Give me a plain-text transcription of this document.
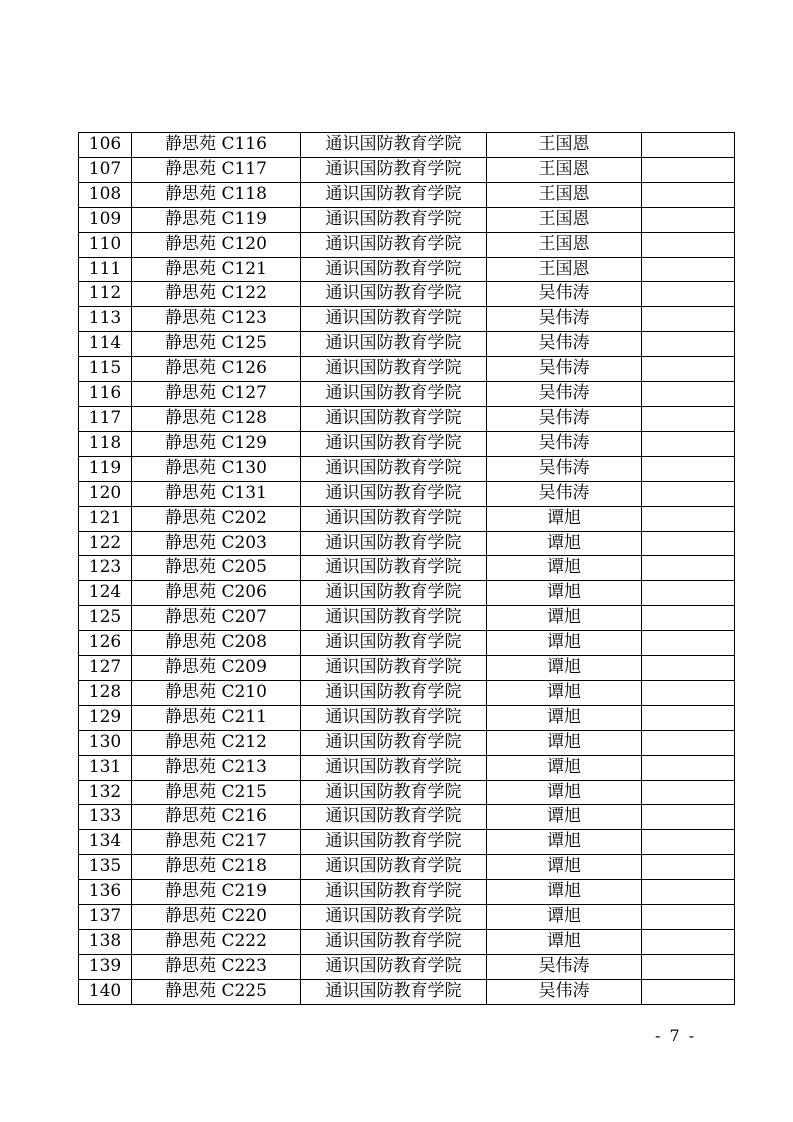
106	静思苑 C116	通识国防教育学院	王国恩	
107	静思苑 C117	通识国防教育学院	王国恩	
108	静思苑 C118	通识国防教育学院	王国恩	
109	静思苑 C119	通识国防教育学院	王国恩	
110	静思苑 C120	通识国防教育学院	王国恩	
111	静思苑 C121	通识国防教育学院	王国恩	
112	静思苑 C122	通识国防教育学院	吴伟涛	
113	静思苑 C123	通识国防教育学院	吴伟涛	
114	静思苑 C125	通识国防教育学院	吴伟涛	
115	静思苑 C126	通识国防教育学院	吴伟涛	
116	静思苑 C127	通识国防教育学院	吴伟涛	
117	静思苑 C128	通识国防教育学院	吴伟涛	
118	静思苑 C129	通识国防教育学院	吴伟涛	
119	静思苑 C130	通识国防教育学院	吴伟涛	
120	静思苑 C131	通识国防教育学院	吴伟涛	
121	静思苑 C202	通识国防教育学院	谭旭	
122	静思苑 C203	通识国防教育学院	谭旭	
123	静思苑 C205	通识国防教育学院	谭旭	
124	静思苑 C206	通识国防教育学院	谭旭	
125	静思苑 C207	通识国防教育学院	谭旭	
126	静思苑 C208	通识国防教育学院	谭旭	
127	静思苑 C209	通识国防教育学院	谭旭	
128	静思苑 C210	通识国防教育学院	谭旭	
129	静思苑 C211	通识国防教育学院	谭旭	
130	静思苑 C212	通识国防教育学院	谭旭	
131	静思苑 C213	通识国防教育学院	谭旭	
132	静思苑 C215	通识国防教育学院	谭旭	
133	静思苑 C216	通识国防教育学院	谭旭	
134	静思苑 C217	通识国防教育学院	谭旭	
135	静思苑 C218	通识国防教育学院	谭旭	
136	静思苑 C219	通识国防教育学院	谭旭	
137	静思苑 C220	通识国防教育学院	谭旭	
138	静思苑 C222	通识国防教育学院	谭旭	
139	静思苑 C223	通识国防教育学院	吴伟涛	
140	静思苑 C225	通识国防教育学院	吴伟涛	
- 7 -
